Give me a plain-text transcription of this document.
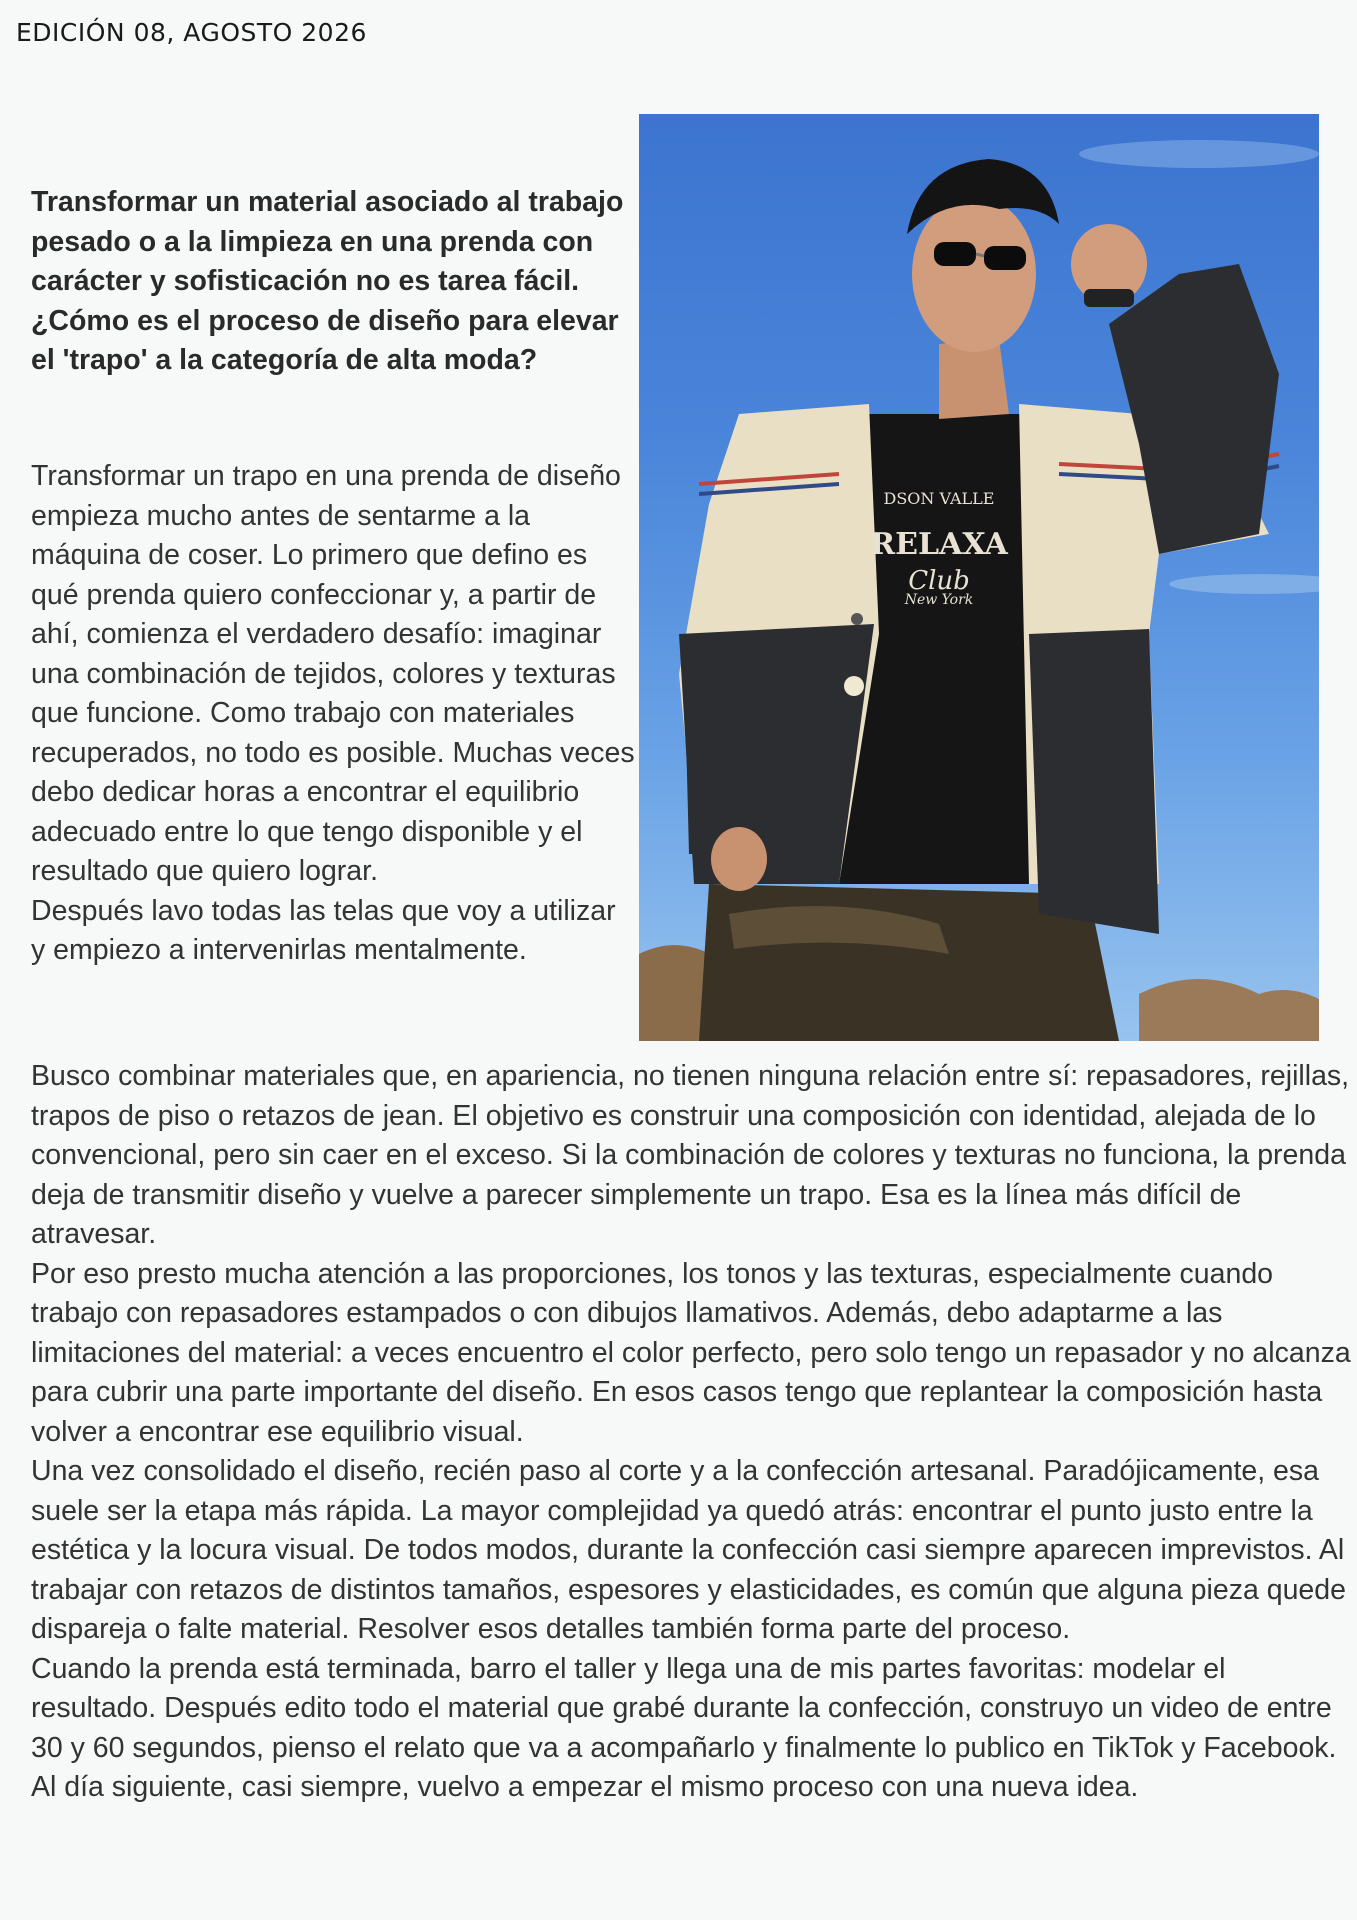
EDICIÓN 08, AGOSTO 2026
DSON VALLE
RELAXA
Club
New York

Transformar un material asociado al trabajo pesado o a la limpieza en una prenda con carácter y sofisticación no es tarea fácil. ¿Cómo es el proceso de diseño para elevar el 'trapo' a la categoría de alta moda?

Transformar un trapo en una prenda de diseño empieza mucho antes de sentarme a la máquina de coser. Lo primero que defino es qué prenda quiero confeccionar y, a partir de ahí, comienza el verdadero desafío: imaginar una combinación de tejidos, colores y texturas que funcione. Como trabajo con materiales recuperados, no todo es posible. Muchas veces debo dedicar horas a encontrar el equilibrio adecuado entre lo que tengo disponible y el resultado que quiero lograr.

Después lavo todas las telas que voy a utilizar y empiezo a intervenirlas mentalmente.

Busco combinar materiales que, en apariencia, no tienen ninguna relación entre sí: repasadores, rejillas, trapos de piso o retazos de jean. El objetivo es construir una composición con identidad, alejada de lo convencional, pero sin caer en el exceso. Si la combinación de colores y texturas no funciona, la prenda deja de transmitir diseño y vuelve a parecer simplemente un trapo. Esa es la línea más difícil de atravesar.

Por eso presto mucha atención a las proporciones, los tonos y las texturas, especialmente cuando trabajo con repasadores estampados o con dibujos llamativos. Además, debo adaptarme a las limitaciones del material: a veces encuentro el color perfecto, pero solo tengo un repasador y no alcanza para cubrir una parte importante del diseño. En esos casos tengo que replantear la composición hasta volver a encontrar ese equilibrio visual.

Una vez consolidado el diseño, recién paso al corte y a la confección artesanal. Paradójicamente, esa suele ser la etapa más rápida. La mayor complejidad ya quedó atrás: encontrar el punto justo entre la estética y la locura visual. De todos modos, durante la confección casi siempre aparecen imprevistos. Al trabajar con retazos de distintos tamaños, espesores y elasticidades, es común que alguna pieza quede dispareja o falte material. Resolver esos detalles también forma parte del proceso.

Cuando la prenda está terminada, barro el taller y llega una de mis partes favoritas: modelar el resultado. Después edito todo el material que grabé durante la confección, construyo un video de entre 30 y 60 segundos, pienso el relato que va a acompañarlo y finalmente lo publico en TikTok y Facebook. Al día siguiente, casi siempre, vuelvo a empezar el mismo proceso con una nueva idea.
